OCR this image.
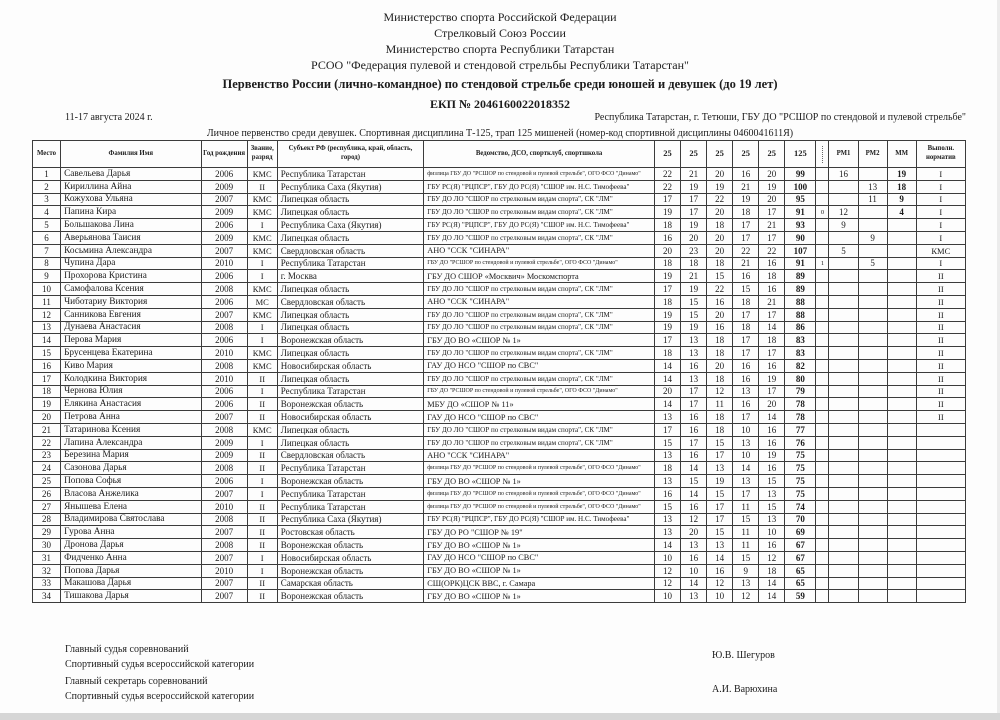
Министерство спорта Российской Федерации
Стрелковый Союз России
Министерство спорта Республики Татарстан
РСОО "Федерация пулевой и стендовой стрельбы Республики Татарстан"
Первенство России (лично-командное) по стендовой стрельбе среди юношей и девушек (до 19 лет)
ЕКП № 2046160022018352
11-17 августа 2024 г.	Республика Татарстан, г. Тетюши, ГБУ ДО "РСШОР по стендовой и пулевой стрельбе"
Личное первенство среди девушек. Спортивная дисциплина Т-125, трап 125 мишеней (номер-код спортивной дисциплины 0460041611Я)
Место	Фамилия Имя	Год рождения	Звание, разряд	Субъект РФ (республика, край, область, город)	Ведомство, ДСО, спортклуб, спортшкола	25	25	25	25	25	125		РМ1	РМ2	ММ	Выполн. норматив
1	Савельева Дарья	2006	КМС	Республика Татарстан	физлица ГБУ ДО "РСШОР по стендовой и пулевой стрельбе", ОГО ФСО "Динамо"	22	21	20	16	20	99		16		19	I
2	Кириллина Айна	2009	II	Республика Саха (Якутия)	ГБУ РС(Я) "РЦПСР", ГБУ ДО РС(Я) "СШОР им. Н.С. Тимофеева"	22	19	19	21	19	100			13	18	I
3	Кожухова Ульяна	2007	КМС	Липецкая область	ГБУ ДО ЛО "СШОР по стрелковым видам спорта", СК "ЛМ"	17	17	22	19	20	95			11	9	I
4	Папина Кира	2009	КМС	Липецкая область	ГБУ ДО ЛО "СШОР по стрелковым видам спорта", СК "ЛМ"	19	17	20	18	17	91	0	12		4	I
5	Большакова Лина	2006	I	Республика Саха (Якутия)	ГБУ РС(Я) "РЦПСР", ГБУ ДО РС(Я) "СШОР им. Н.С. Тимофеева"	18	19	18	17	21	93		9			I
6	Аверьянова Таисия	2009	КМС	Липецкая область	ГБУ ДО ЛО "СШОР по стрелковым видам спорта", СК "ЛМ"	16	20	20	17	17	90			9		I
7	Косьмина Александра	2007	КМС	Свердловская область	АНО "ССК "СИНАРА"	20	23	20	22	22	107		5			КМС
8	Чупина Дара	2010	I	Республика Татарстан	ГБУ ДО "РСШОР по стендовой и пулевой стрельбе", ОГО ФСО "Динамо"	18	18	18	21	16	91	1		5		I
9	Прохорова Кристина	2006	I	г. Москва	ГБУ ДО СШОР «Москвич» Москомспорта	19	21	15	16	18	89					II
10	Самофалова Ксения	2008	КМС	Липецкая область	ГБУ ДО ЛО "СШОР по стрелковым видам спорта", СК "ЛМ"	17	19	22	15	16	89					II
11	Чиботариу Виктория	2006	МС	Свердловская область	АНО "ССК "СИНАРА"	18	15	16	18	21	88					II
12	Санникова Евгения	2007	КМС	Липецкая область	ГБУ ДО ЛО "СШОР по стрелковым видам спорта", СК "ЛМ"	19	15	20	17	17	88					II
13	Дунаева Анастасия	2008	I	Липецкая область	ГБУ ДО ЛО "СШОР по стрелковым видам спорта", СК "ЛМ"	19	19	16	18	14	86					II
14	Перова Мария	2006	I	Воронежская область	ГБУ ДО ВО «СШОР № 1»	17	13	18	17	18	83					II
15	Брусенцева Екатерина	2010	КМС	Липецкая область	ГБУ ДО ЛО "СШОР по стрелковым видам спорта", СК "ЛМ"	18	13	18	17	17	83					II
16	Киво Мария	2008	КМС	Новосибирская область	ГАУ ДО НСО "СШОР по СВС"	14	16	20	16	16	82					II
17	Колодкина Виктория	2010	II	Липецкая область	ГБУ ДО ЛО "СШОР по стрелковым видам спорта", СК "ЛМ"	14	13	18	16	19	80					II
18	Чернова Юлия	2006	I	Республика Татарстан	ГБУ ДО "РСШОР по стендовой и пулевой стрельбе", ОГО ФСО "Динамо"	20	17	12	13	17	79					II
19	Елякина Анастасия	2006	II	Воронежская область	МБУ ДО «СШОР № 11»	14	17	11	16	20	78					II
20	Петрова Анна	2007	II	Новосибирская область	ГАУ ДО НСО "СШОР по СВС"	13	16	18	17	14	78					II
21	Татаринова Ксения	2008	КМС	Липецкая область	ГБУ ДО ЛО "СШОР по стрелковым видам спорта", СК "ЛМ"	17	16	18	10	16	77					
22	Лапина Александра	2009	I	Липецкая область	ГБУ ДО ЛО "СШОР по стрелковым видам спорта", СК "ЛМ"	15	17	15	13	16	76					
23	Березина Мария	2009	II	Свердловская область	АНО "ССК "СИНАРА"	13	16	17	10	19	75					
24	Сазонова Дарья	2008	II	Республика Татарстан	физлица ГБУ ДО "РСШОР по стендовой и пулевой стрельбе", ОГО ФСО "Динамо"	18	14	13	14	16	75					
25	Попова Софья	2006	I	Воронежская область	ГБУ ДО ВО «СШОР № 1»	13	15	19	13	15	75					
26	Власова Анжелика	2007	I	Республика Татарстан	физлица ГБУ ДО "РСШОР по стендовой и пулевой стрельбе", ОГО ФСО "Динамо"	16	14	15	17	13	75					
27	Янышева Елена	2010	II	Республика Татарстан	физлица ГБУ ДО "РСШОР по стендовой и пулевой стрельбе", ОГО ФСО "Динамо"	15	16	17	11	15	74					
28	Владимирова Святослава	2008	II	Республика Саха (Якутия)	ГБУ РС(Я) "РЦПСР", ГБУ ДО РС(Я) "СШОР им. Н.С. Тимофеева"	13	12	17	15	13	70					
29	Гурова Анна	2007	II	Ростовская область	ГБУ ДО РО "СШОР № 19"	13	20	15	11	10	69					
30	Дронова Дарья	2008	II	Воронежская область	ГБУ ДО ВО «СШОР № 1»	14	13	13	11	16	67					
31	Фидченко Анна	2007	I	Новосибирская область	ГАУ ДО НСО "СШОР по СВС"	10	16	14	15	12	67					
32	Попова Дарья	2010	I	Воронежская область	ГБУ ДО ВО «СШОР № 1»	12	10	16	9	18	65					
33	Макашова Дарья	2007	II	Самарская область	СШ(ОРК)ЦСК ВВС, г. Самара	12	14	12	13	14	65					
34	Тишакова Дарья	2007	II	Воронежская область	ГБУ ДО ВО «СШОР № 1»	10	13	10	12	14	59					
Главный судья соревнований
Спортивный судья всероссийской категории
Ю.В. Шегуров
Главный секретарь соревнований
Спортивный судья всероссийской категории
А.И. Варюхина
